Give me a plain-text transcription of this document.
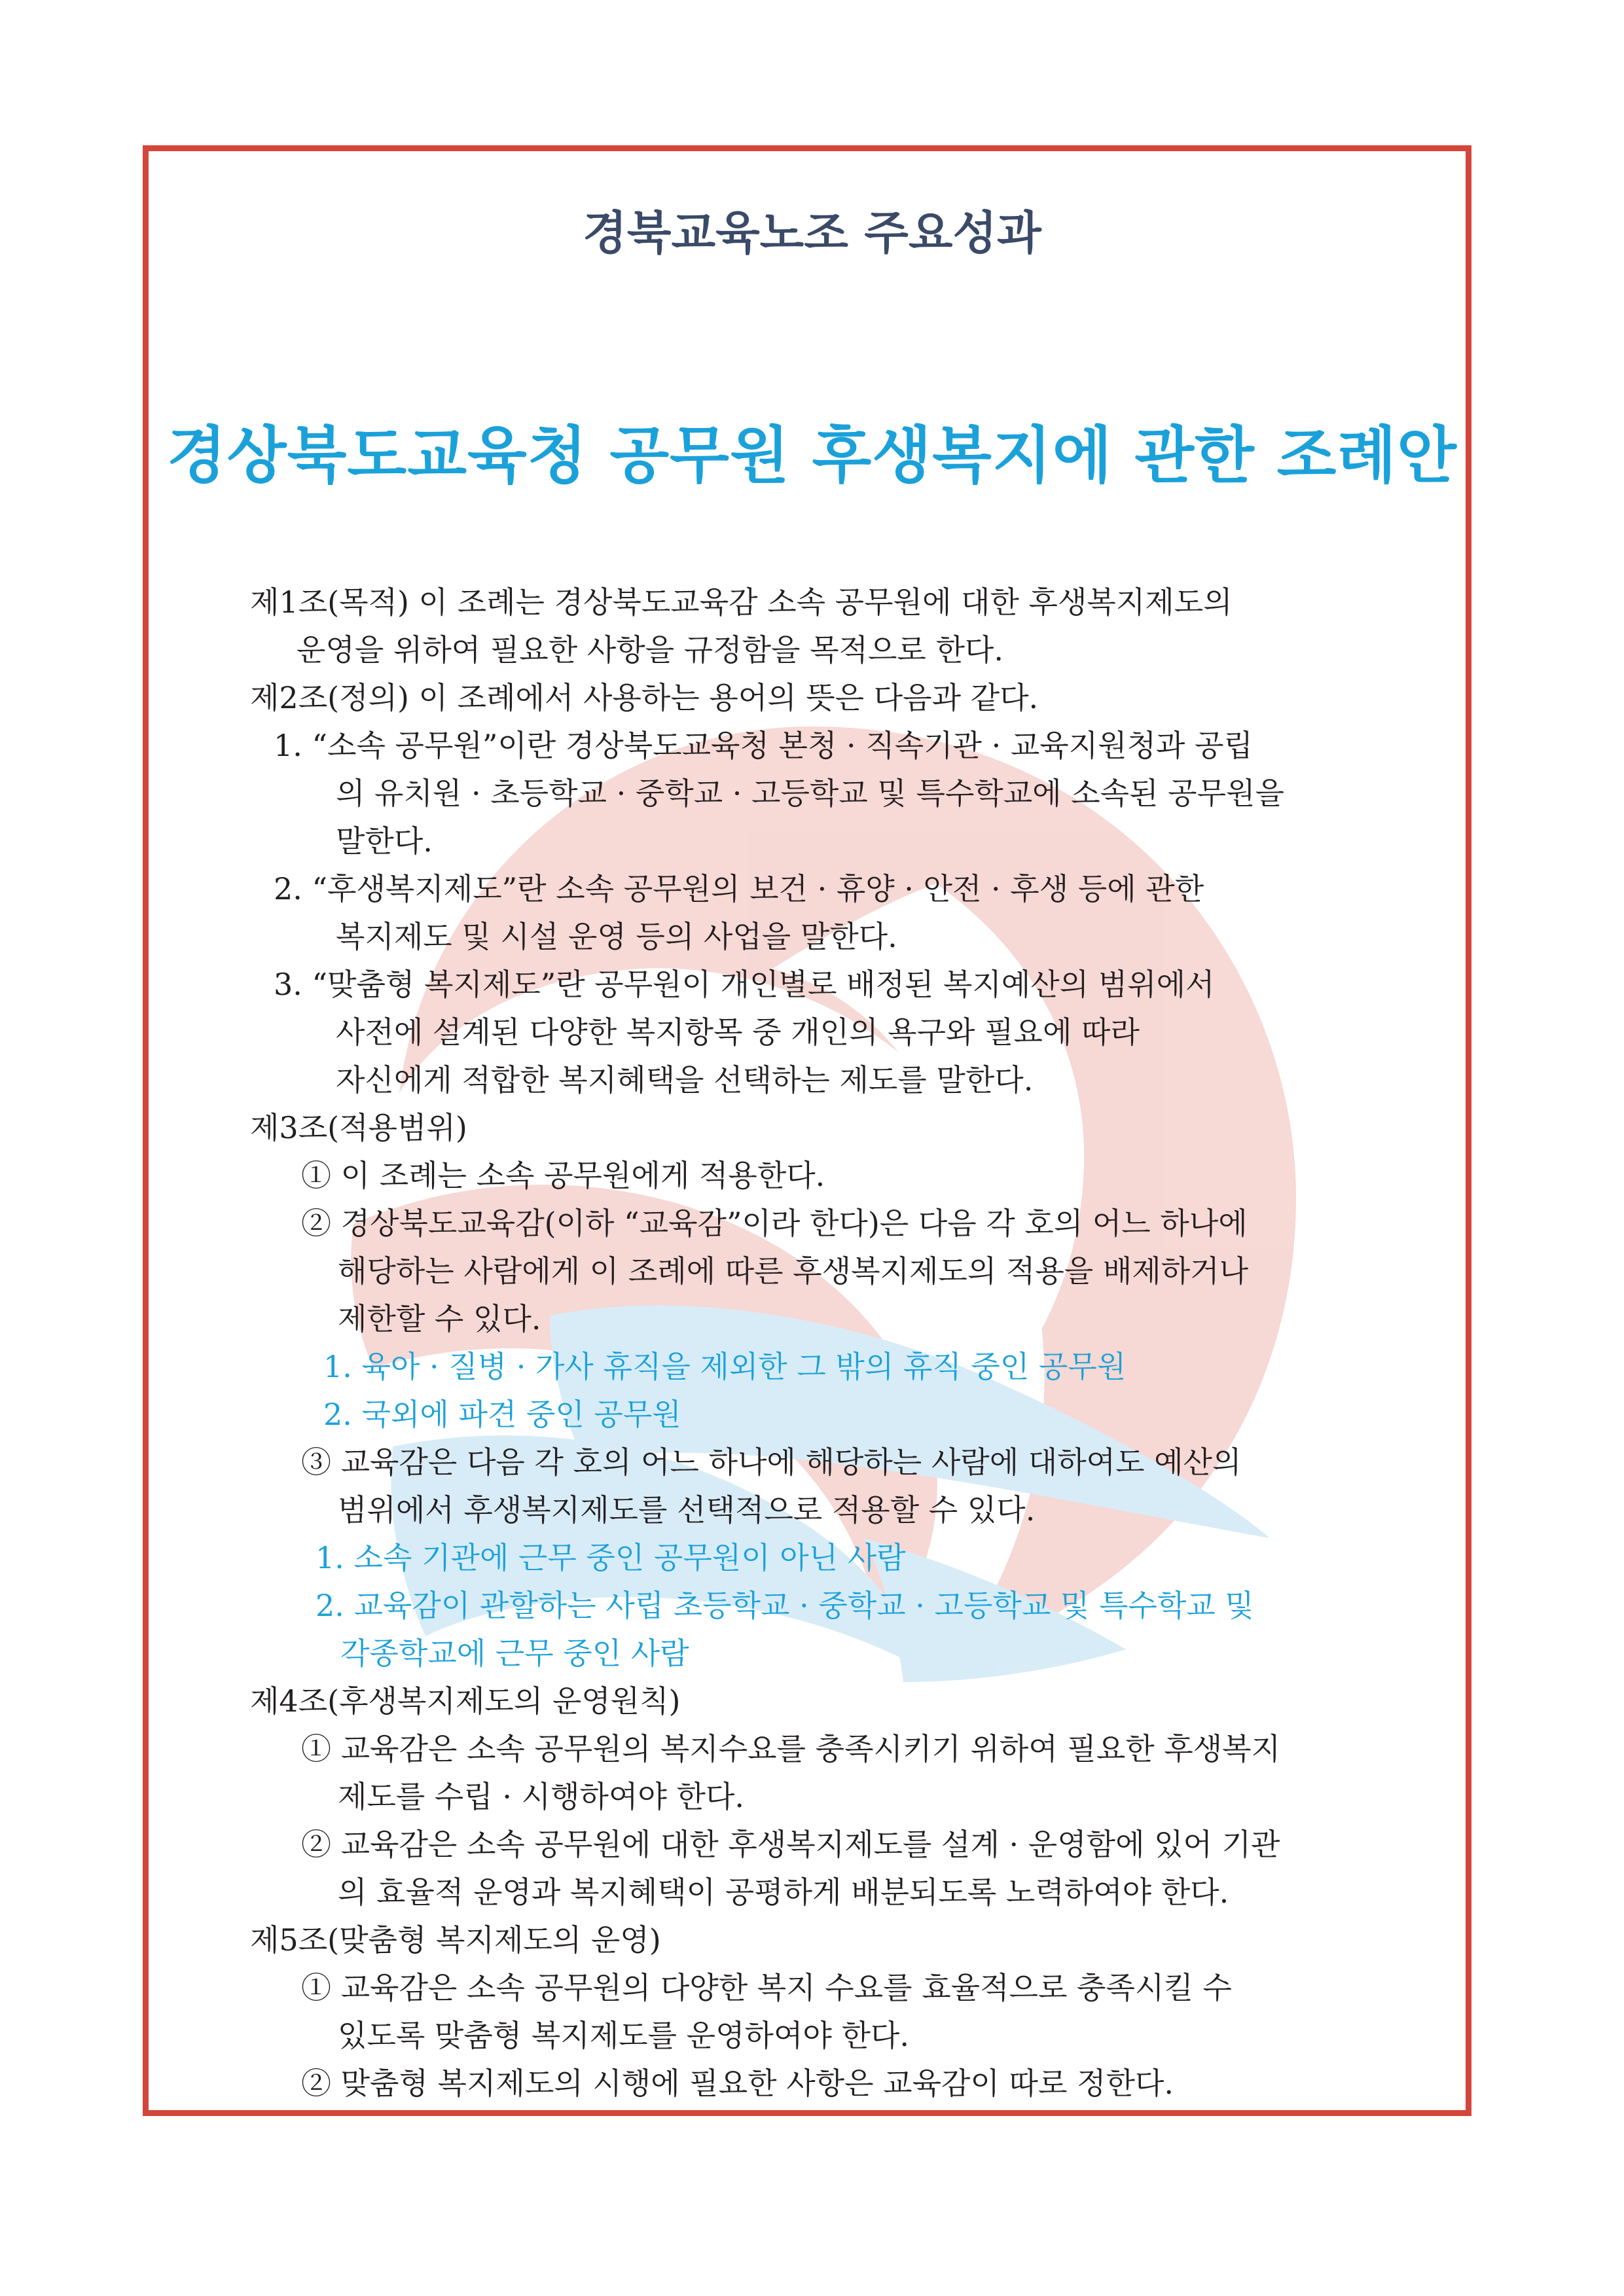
경북교육노조 주요성과
경상북도교육청 공무원 후생복지에 관한 조례안
제1조(목적) 이 조례는 경상북도교육감 소속 공무원에 대한 후생복지제도의
운영을 위하여 필요한 사항을 규정함을 목적으로 한다.
제2조(정의) 이 조례에서 사용하는 용어의 뜻은 다음과 같다.
1. “소속 공무원”이란 경상북도교육청 본청 · 직속기관 · 교육지원청과 공립
의 유치원 · 초등학교 · 중학교 · 고등학교 및 특수학교에 소속된 공무원을
말한다.
2. “후생복지제도”란 소속 공무원의 보건 · 휴양 · 안전 · 후생 등에 관한
복지제도 및 시설 운영 등의 사업을 말한다.
3. “맞춤형 복지제도”란 공무원이 개인별로 배정된 복지예산의 범위에서
사전에 설계된 다양한 복지항목 중 개인의 욕구와 필요에 따라
자신에게 적합한 복지혜택을 선택하는 제도를 말한다.
제3조(적용범위)
① 이 조례는 소속 공무원에게 적용한다.
② 경상북도교육감(이하 “교육감”이라 한다)은 다음 각 호의 어느 하나에
해당하는 사람에게 이 조례에 따른 후생복지제도의 적용을 배제하거나
제한할 수 있다.
1. 육아 · 질병 · 가사 휴직을 제외한 그 밖의 휴직 중인 공무원
2. 국외에 파견 중인 공무원
③ 교육감은 다음 각 호의 어느 하나에 해당하는 사람에 대하여도 예산의
범위에서 후생복지제도를 선택적으로 적용할 수 있다.
1. 소속 기관에 근무 중인 공무원이 아닌 사람
2. 교육감이 관할하는 사립 초등학교 · 중학교 · 고등학교 및 특수학교 및
각종학교에 근무 중인 사람
제4조(후생복지제도의 운영원칙)
① 교육감은 소속 공무원의 복지수요를 충족시키기 위하여 필요한 후생복지
제도를 수립 · 시행하여야 한다.
② 교육감은 소속 공무원에 대한 후생복지제도를 설계 · 운영함에 있어 기관
의 효율적 운영과 복지혜택이 공평하게 배분되도록 노력하여야 한다.
제5조(맞춤형 복지제도의 운영)
① 교육감은 소속 공무원의 다양한 복지 수요를 효율적으로 충족시킬 수
있도록 맞춤형 복지제도를 운영하여야 한다.
② 맞춤형 복지제도의 시행에 필요한 사항은 교육감이 따로 정한다.
